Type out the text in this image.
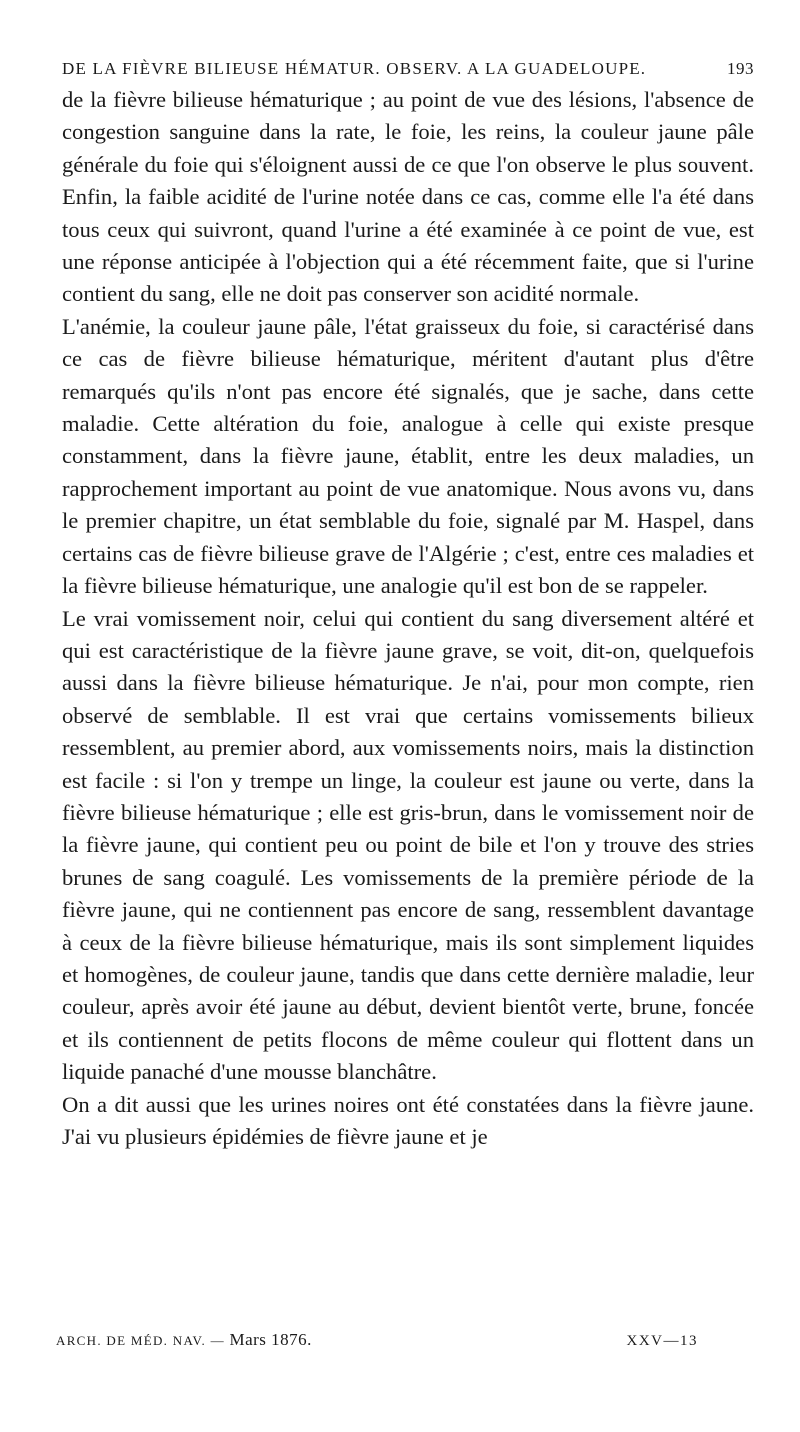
DE LA FIÈVRE BILIEUSE HÉMATUR. OBSERV. A LA GUADELOUPE.	193

de la fièvre bilieuse hématurique ; au point de vue des lésions, l'absence de congestion sanguine dans la rate, le foie, les reins, la couleur jaune pâle générale du foie qui s'éloignent aussi de ce que l'on observe le plus souvent. Enfin, la faible acidité de l'urine notée dans ce cas, comme elle l'a été dans tous ceux qui suivront, quand l'urine a été examinée à ce point de vue, est une réponse anticipée à l'objection qui a été récemment faite, que si l'urine contient du sang, elle ne doit pas conserver son acidité normale.

L'anémie, la couleur jaune pâle, l'état graisseux du foie, si caractérisé dans ce cas de fièvre bilieuse hématurique, méritent d'autant plus d'être remarqués qu'ils n'ont pas encore été signalés, que je sache, dans cette maladie. Cette altération du foie, analogue à celle qui existe presque constamment, dans la fièvre jaune, établit, entre les deux maladies, un rapprochement important au point de vue anatomique. Nous avons vu, dans le premier chapitre, un état semblable du foie, signalé par M. Haspel, dans certains cas de fièvre bilieuse grave de l'Algérie ; c'est, entre ces maladies et la fièvre bilieuse hématurique, une analogie qu'il est bon de se rappeler.

Le vrai vomissement noir, celui qui contient du sang diversement altéré et qui est caractéristique de la fièvre jaune grave, se voit, dit-on, quelquefois aussi dans la fièvre bilieuse hématurique. Je n'ai, pour mon compte, rien observé de semblable. Il est vrai que certains vomissements bilieux ressemblent, au premier abord, aux vomissements noirs, mais la distinction est facile : si l'on y trempe un linge, la couleur est jaune ou verte, dans la fièvre bilieuse hématurique ; elle est gris-brun, dans le vomissement noir de la fièvre jaune, qui contient peu ou point de bile et l'on y trouve des stries brunes de sang coagulé. Les vomissements de la première période de la fièvre jaune, qui ne contiennent pas encore de sang, ressemblent davantage à ceux de la fièvre bilieuse hématurique, mais ils sont simplement liquides et homogènes, de couleur jaune, tandis que dans cette dernière maladie, leur couleur, après avoir été jaune au début, devient bientôt verte, brune, foncée et ils contiennent de petits flocons de même couleur qui flottent dans un liquide panaché d'une mousse blanchâtre.

On a dit aussi que les urines noires ont été constatées dans la fièvre jaune. J'ai vu plusieurs épidémies de fièvre jaune et je

ARCH. DE MÉD. NAV. — Mars 1876.	XXV—13
